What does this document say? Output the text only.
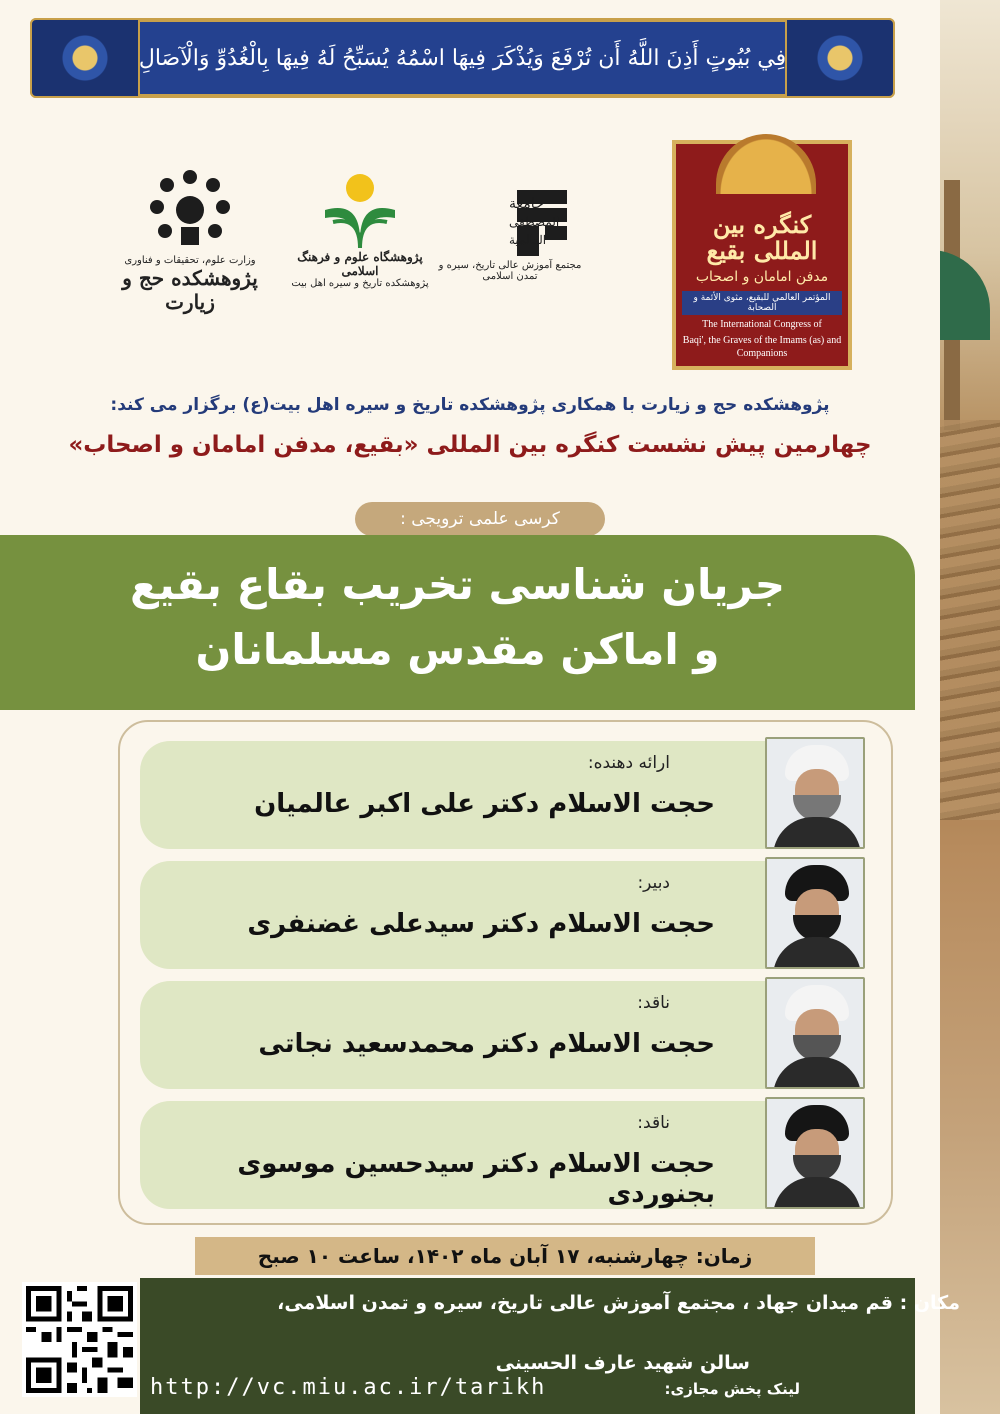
فِي بُيُوتٍ أَذِنَ اللَّهُ أَن تُرْفَعَ وَيُذْكَرَ فِيهَا اسْمُهُ يُسَبِّحُ لَهُ فِيهَا بِالْغُدُوِّ وَالْآصَالِ
کنگره بین المللی بقیع
مدفن امامان و اصحاب
المؤتمر العالمي للبقيع، مثوى الأئمة و الصحابة
The International Congress of
Baqi', the Graves of the Imams (as) and Companions
وزارت علوم، تحقیقات و فناوری
پژوهشکده حج و زیارت
پژوهشگاه علوم و فرهنگ اسلامی
پژوهشکده تاریخ و سیره اهل بیت
جامعة
المصطفی
العالمیة
مجتمع آموزش عالی تاریخ، سیره و تمدن اسلامی
پژوهشکده حج و زیارت با همکاری پژوهشکده تاریخ و سیره اهل بیت(ع) برگزار می کند:
چهارمین پیش نشست کنگره بین المللی «بقیع، مدفن امامان و اصحاب»
کرسی علمی ترویجی :
جریان شناسی تخریب بقاع بقیع
و اماکن مقدس مسلمانان
ارائه دهنده:
حجت الاسلام دکتر علی اکبر عالمیان
دبیر:
حجت الاسلام دکتر سیدعلی غضنفری
ناقد:
حجت الاسلام دکتر محمدسعید نجاتی
ناقد:
حجت الاسلام دکتر سیدحسین موسوی بجنوردی
زمان: چهارشنبه، ۱۷ آبان ماه ۱۴۰۲، ساعت ۱۰ صبح
مکان : قم میدان جهاد ، مجتمع آموزش عالی تاریخ، سیره و تمدن اسلامی،
سالن شهید عارف الحسینی
لینک پخش مجازی:
http://vc.miu.ac.ir/tarikh
